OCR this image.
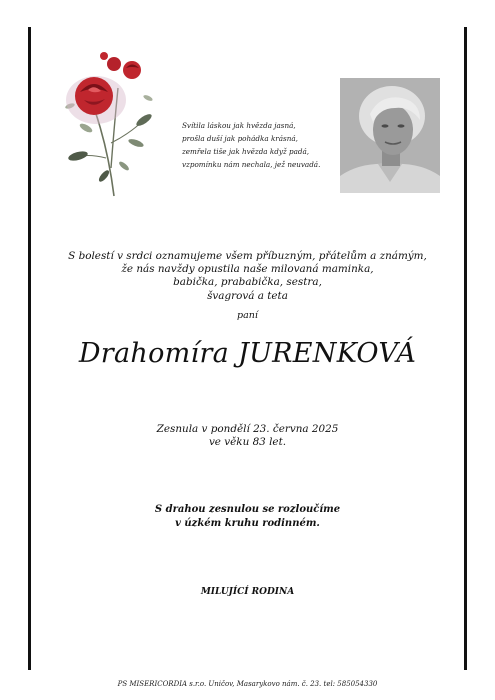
Svítila láskou jak hvězda jasná,
prošla duší jak pohádka krásná,
zemřela tiše jak hvězda když padá,
vzpomínku nám nechala, jež neuvadá.
S bolestí v srdci oznamujeme všem příbuzným, přátelům a známým,
že nás navždy opustila naše milovaná maminka,
babička, prababička, sestra,
švagrová a teta
paní
Drahomíra JURENKOVÁ
Zesnula v pondělí 23. června 2025
ve věku 83 let.
S drahou zesnulou se rozloučíme
v úzkém kruhu rodinném.
MILUJÍCÍ RODINA
PS MISERICORDIA s.r.o. Uničov, Masarykovo nám. č. 23. tel: 585054330
